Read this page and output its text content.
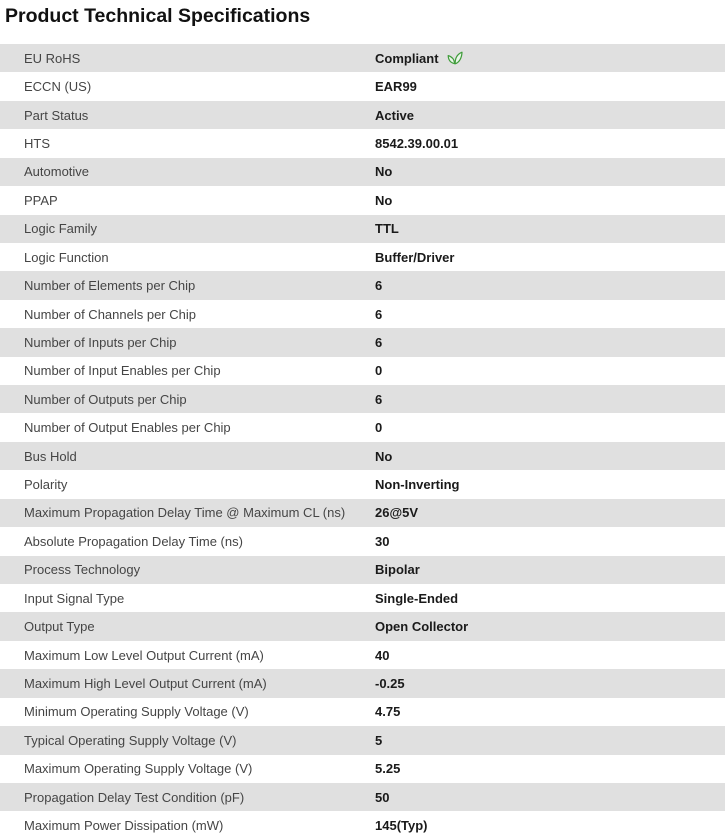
Product Technical Specifications
EU RoHS	Compliant
ECCN (US)	EAR99
Part Status	Active
HTS	8542.39.00.01
Automotive	No
PPAP	No
Logic Family	TTL
Logic Function	Buffer/Driver
Number of Elements per Chip	6
Number of Channels per Chip	6
Number of Inputs per Chip	6
Number of Input Enables per Chip	0
Number of Outputs per Chip	6
Number of Output Enables per Chip	0
Bus Hold	No
Polarity	Non-Inverting
Maximum Propagation Delay Time @ Maximum CL (ns)	26@5V
Absolute Propagation Delay Time (ns)	30
Process Technology	Bipolar
Input Signal Type	Single-Ended
Output Type	Open Collector
Maximum Low Level Output Current (mA)	40
Maximum High Level Output Current (mA)	-0.25
Minimum Operating Supply Voltage (V)	4.75
Typical Operating Supply Voltage (V)	5
Maximum Operating Supply Voltage (V)	5.25
Propagation Delay Test Condition (pF)	50
Maximum Power Dissipation (mW)	145(Typ)
